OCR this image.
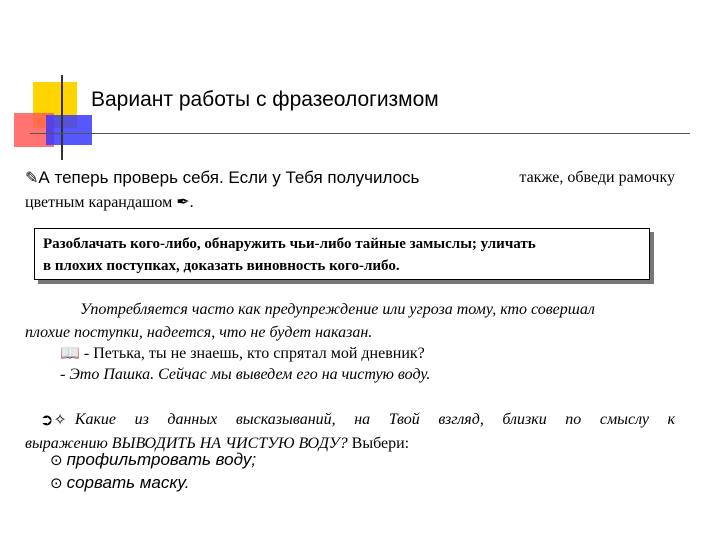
Вариант работы с фразеологизмом
✎А теперь проверь себя. Если у Тебя получилось	также, обведи рамочку
цветным карандашом ✒.
Разоблачать кого-либо, обнаружить чьи-либо тайные замыслы; уличать
в плохих поступках, доказать виновность кого-либо.
Употребляется часто как предупреждение или угроза тому, кто совершал
плохие поступки, надеется, что не будет наказан.
📖 - Петька, ты не знаешь, кто спрятал мой дневник?
- Это Пашка. Сейчас мы выведем его на чистую воду.
➲✧ Какие из данных высказываний, на Твой взгляд, близки по смыслу к
выражению ВЫВОДИТЬ НА ЧИСТУЮ ВОДУ? Выбери:
⊙ профильтровать воду;
⊙ сорвать маску.
